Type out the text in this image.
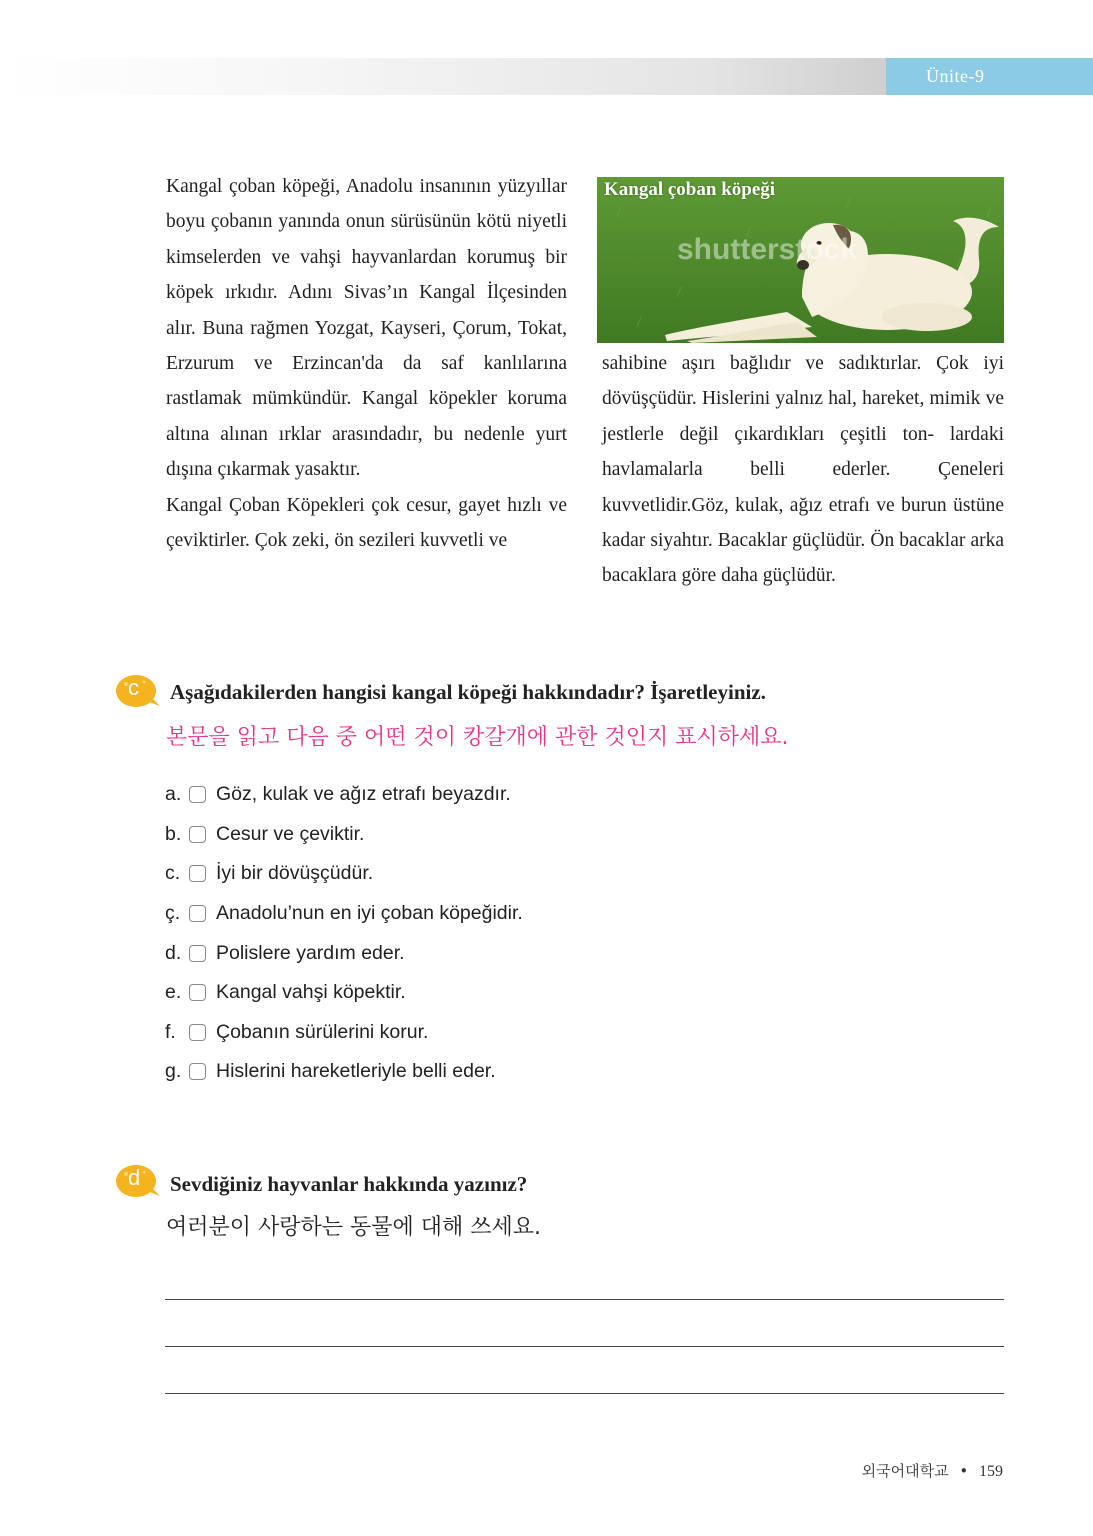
Ünite-9

Kangal çoban köpeği, Anadolu insanının yüzyıllar boyu çobanın yanında onun sürüsünün kötü niyetli kimselerden ve vahşi hayvanlardan korumuş bir köpek ırkıdır. Adını Sivas’ın Kangal İlçesinden alır. Buna rağmen Yozgat, Kayseri, Çorum, Tokat, Erzurum ve Erzincan'da da saf kanlılarına rastlamak mümkündür. Kangal köpekler koruma altına alınan ırklar arasındadır, bu nedenle yurt dışına çıkarmak yasaktır.

Kangal Çoban Köpekleri çok cesur, gayet hızlı ve çeviktirler. Çok zeki, ön sezileri kuvvetli ve

shutterstock
Kangal çoban köpeği

sahibine aşırı bağlıdır ve sadıktırlar. Çok iyi dövüşçüdür. Hislerini yalnız hal, hareket, mimik ve jestlerle değil çıkardıkları çeşitli ton- lardaki havlamalarla belli ederler. Çeneleri kuvvetlidir.Göz, kulak, ağız etrafı ve burun üstüne kadar siyahtır. Bacaklar güçlüdür. Ön bacaklar arka bacaklara göre daha güçlüdür.

c Aşağıdakilerden hangisi kangal köpeği hakkındadır? İşaretleyiniz.
본문을 읽고 다음 중 어떤 것이 캉갈개에 관한 것인지 표시하세요.
a. Göz, kulak ve ağız etrafı beyazdır.
b. Cesur ve çeviktir.
c.	İyi bir dövüşçüdür.
ç.	Anadolu’nun en iyi çoban köpeğidir.
d. Polislere yardım eder.
e. Kangal vahşi köpektir.
f.	Çobanın sürülerini korur.
g. Hislerini hareketleriyle belli eder.
d Sevdiğiniz hayvanlar hakkında yazınız?
여러분이 사랑하는 동물에 대해 쓰세요.
외국어대학교 • 159
